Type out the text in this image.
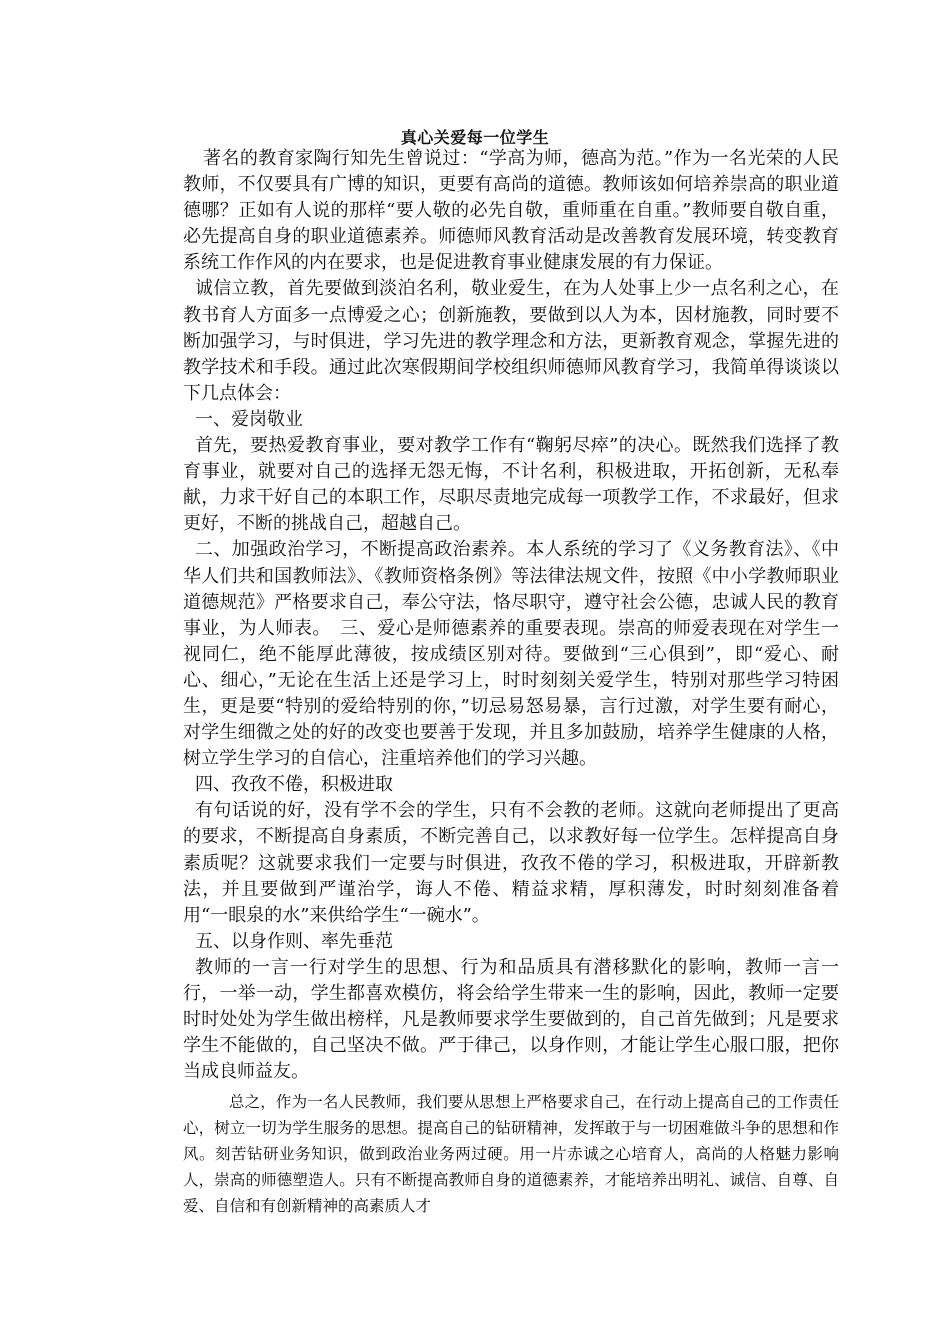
真心关爱每一位学生

著名的教育家陶行知先生曾说过：“学高为师，德高为范。”作为一名光荣的人民教师，不仅要具有广博的知识，更要有高尚的道德。教师该如何培养崇高的职业道德哪？正如有人说的那样“要人敬的必先自敬，重师重在自重。”教师要自敬自重，必先提高自身的职业道德素养。师德师风教育活动是改善教育发展环境，转变教育系统工作作风的内在要求，也是促进教育事业健康发展的有力保证。

诚信立教，首先要做到淡泊名利，敬业爱生，在为人处事上少一点名利之心，在教书育人方面多一点博爱之心；创新施教，要做到以人为本，因材施教，同时要不断加强学习，与时俱进，学习先进的教学理念和方法，更新教育观念，掌握先进的教学技术和手段。通过此次寒假期间学校组织师德师风教育学习，我简单得谈谈以下几点体会：

一、爱岗敬业

首先，要热爱教育事业，要对教学工作有“鞠躬尽瘁”的决心。既然我们选择了教育事业，就要对自己的选择无怨无悔，不计名利，积极进取，开拓创新，无私奉献，力求干好自己的本职工作，尽职尽责地完成每一项教学工作，不求最好，但求更好，不断的挑战自己，超越自己。

二、加强政治学习，不断提高政治素养。本人系统的学习了《义务教育法》、《中华人们共和国教师法》、《教师资格条例》等法律法规文件，按照《中小学教师职业道德规范》严格要求自己，奉公守法，恪尽职守，遵守社会公德，忠诚人民的教育事业，为人师表。　三、爱心是师德素养的重要表现。崇高的师爱表现在对学生一视同仁，绝不能厚此薄彼，按成绩区别对待。要做到“三心俱到”，即“爱心、耐心、细心，”无论在生活上还是学习上，时时刻刻关爱学生，特别对那些学习特困生，更是要“特别的爱给特别的你，”切忌易怒易暴，言行过激，对学生要有耐心，对学生细微之处的好的改变也要善于发现，并且多加鼓励，培养学生健康的人格，树立学生学习的自信心，注重培养他们的学习兴趣。

四、孜孜不倦，积极进取

有句话说的好，没有学不会的学生，只有不会教的老师。这就向老师提出了更高的要求，不断提高自身素质，不断完善自己，以求教好每一位学生。怎样提高自身素质呢？这就要求我们一定要与时俱进，孜孜不倦的学习，积极进取，开辟新教法，并且要做到严谨治学，诲人不倦、精益求精，厚积薄发，时时刻刻准备着用“一眼泉的水”来供给学生“一碗水”。

五、以身作则、率先垂范

教师的一言一行对学生的思想、行为和品质具有潜移默化的影响，教师一言一行，一举一动，学生都喜欢模仿，将会给学生带来一生的影响，因此，教师一定要时时处处为学生做出榜样，凡是教师要求学生要做到的，自己首先做到；凡是要求学生不能做的，自己坚决不做。严于律己，以身作则，才能让学生心服口服，把你当成良师益友。

总之，作为一名人民教师，我们要从思想上严格要求自己，在行动上提高自己的工作责任心，树立一切为学生服务的思想。提高自己的钻研精神，发挥敢于与一切困难做斗争的思想和作风。刻苦钻研业务知识，做到政治业务两过硬。用一片赤诚之心培育人，高尚的人格魅力影响人，崇高的师德塑造人。只有不断提高教师自身的道德素养，才能培养出明礼、诚信、自尊、自爱、自信和有创新精神的高素质人才
